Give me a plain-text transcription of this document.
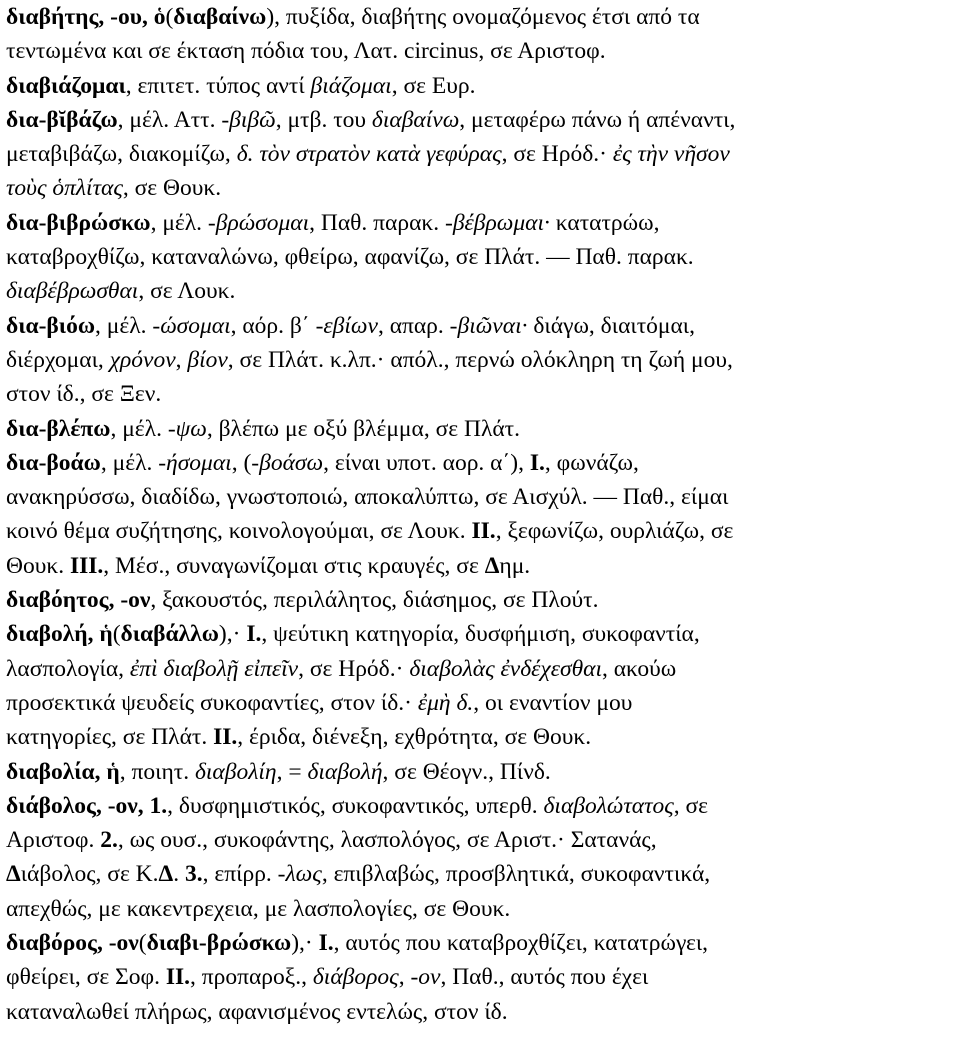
διαβήτης, -ου, ὁ(διαβαίνω), πυξίδα, διαβήτης ονομαζόμενος έτσι από τα
τεντωμένα και σε έκταση πόδια του, Λατ. circinus, σε Αριστοφ.
διαβιάζομαι, επιτετ. τύπος αντί βιάζομαι, σε Ευρ.
δια-βῐβάζω, μέλ. Αττ. -βιβῶ, μτβ. του διαβαίνω, μεταφέρω πάνω ή απέναντι,
μεταβιβάζω, διακομίζω, δ. τὸν στρατὸν κατὰ γεφύρας, σε Ηρόδ.· ἐς τὴν νῆσον
τοὺς ὁπλίτας, σε Θουκ.
δια-βιβρώσκω, μέλ. -βρώσομαι, Παθ. παρακ. -βέβρωμαι· κατατρώω,
καταβροχθίζω, καταναλώνω, φθείρω, αφανίζω, σε Πλάτ. ― Παθ. παρακ.
διαβέβρωσθαι, σε Λουκ.
δια-βιόω, μέλ. -ώσομαι, αόρ. β΄ -εβίων, απαρ. -βιῶναι· διάγω, διαιτόμαι,
διέρχομαι, χρόνον, βίον, σε Πλάτ. κ.λπ.· απόλ., περνώ ολόκληρη τη ζωή μου,
στον ίδ., σε Ξεν.
δια-βλέπω, μέλ. -ψω, βλέπω με οξύ βλέμμα, σε Πλάτ.
δια-βοάω, μέλ. -ήσομαι, (-βοάσω, είναι υποτ. αορ. α΄), I., φωνάζω,
ανακηρύσσω, διαδίδω, γνωστοποιώ, αποκαλύπτω, σε Αισχύλ. ― Παθ., είμαι
κοινό θέμα συζήτησης, κοινολογούμαι, σε Λουκ. II., ξεφωνίζω, ουρλιάζω, σε
Θουκ. III., Μέσ., συναγωνίζομαι στις κραυγές, σε Δημ.
διαβόητος, -ον, ξακουστός, περιλάλητος, διάσημος, σε Πλούτ.
διαβολή, ἡ(διαβάλλω),· I., ψεύτικη κατηγορία, δυσφήμιση, συκοφαντία,
λασπολογία, ἐπὶ διαβολῇ εἰπεῖν, σε Ηρόδ.· διαβολὰς ἐνδέχεσθαι, ακούω
προσεκτικά ψευδείς συκοφαντίες, στον ίδ.· ἐμὴ δ., οι εναντίον μου
κατηγορίες, σε Πλάτ. II., έριδα, διένεξη, εχθρότητα, σε Θουκ.
διαβολία, ἡ, ποιητ. διαβολίη, = διαβολή, σε Θέογν., Πίνδ.
διάβολος, -ον, 1., δυσφημιστικός, συκοφαντικός, υπερθ. διαβολώτατος, σε
Αριστοφ. 2., ως ουσ., συκοφάντης, λασπολόγος, σε Αριστ.· Σατανάς,
Διάβολος, σε Κ.Δ. 3., επίρρ. -λως, επιβλαβώς, προσβλητικά, συκοφαντικά,
απεχθώς, με κακεντρεχεια, με λασπολογίες, σε Θουκ.
διαβόρος, -ον(διαβι-βρώσκω),· I., αυτός που καταβροχθίζει, κατατρώγει,
φθείρει, σε Σοφ. II., προπαροξ., διάβορος, -ον, Παθ., αυτός που έχει
καταναλωθεί πλήρως, αφανισμένος εντελώς, στον ίδ.
